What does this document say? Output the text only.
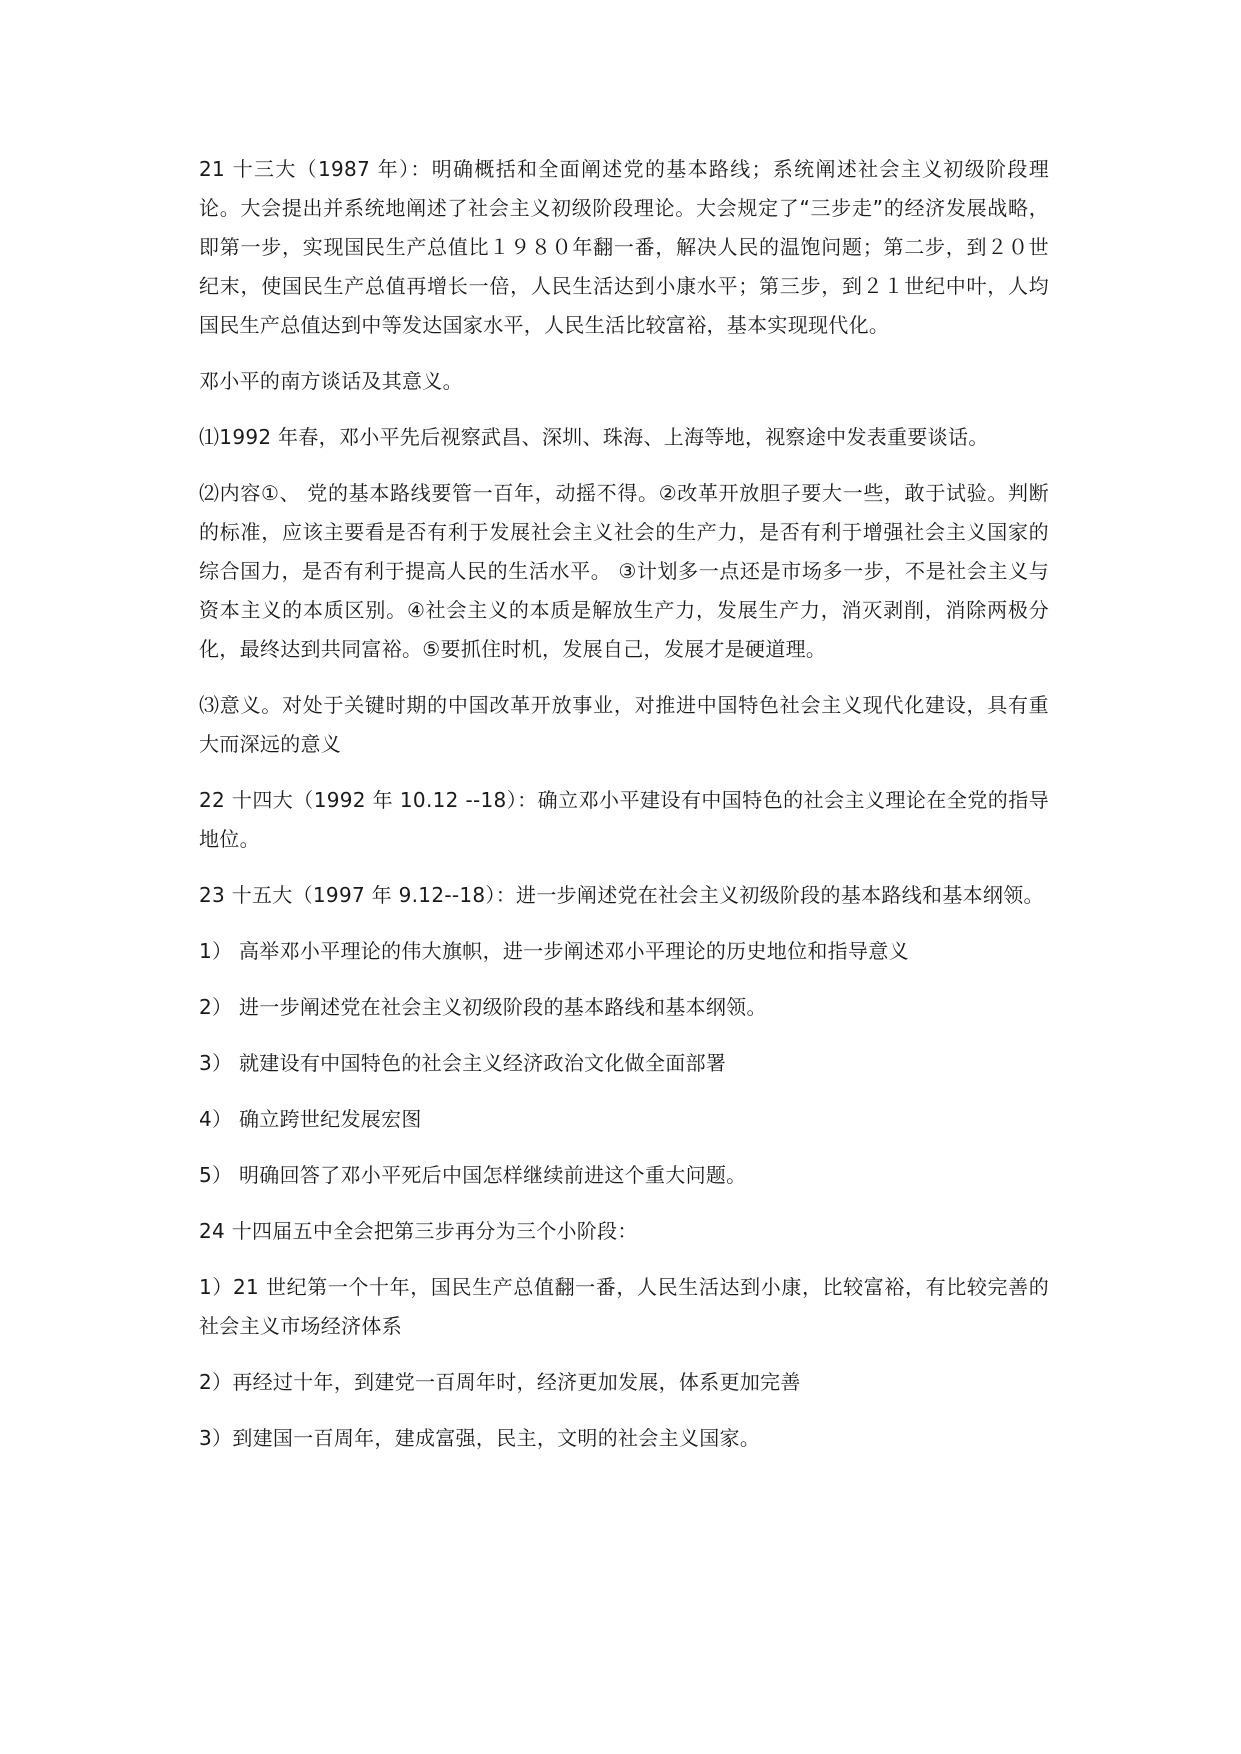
21 十三大（1987 年）：明确概括和全面阐述党的基本路线；系统阐述社会主义初级阶段理论。大会提出并系统地阐述了社会主义初级阶段理论。大会规定了“三步走”的经济发展战略，即第一步，实现国民生产总值比１９８０年翻一番，解决人民的温饱问题；第二步，到２０世纪末，使国民生产总值再增长一倍，人民生活达到小康水平；第三步，到２１世纪中叶，人均国民生产总值达到中等发达国家水平，人民生活比较富裕，基本实现现代化。

邓小平的南方谈话及其意义。

⑴1992 年春，邓小平先后视察武昌、深圳、珠海、上海等地，视察途中发表重要谈话。

⑵内容①、 党的基本路线要管一百年，动摇不得。②改革开放胆子要大一些，敢于试验。判断的标准，应该主要看是否有利于发展社会主义社会的生产力，是否有利于增强社会主义国家的综合国力，是否有利于提高人民的生活水平。 ③计划多一点还是市场多一步，不是社会主义与资本主义的本质区别。④社会主义的本质是解放生产力，发展生产力，消灭剥削，消除两极分化，最终达到共同富裕。⑤要抓住时机，发展自己，发展才是硬道理。

⑶意义。对处于关键时期的中国改革开放事业，对推进中国特色社会主义现代化建设，具有重大而深远的意义

22 十四大（1992 年 10.12 --18）：确立邓小平建设有中国特色的社会主义理论在全党的指导地位。

23 十五大（1997 年 9.12--18）：进一步阐述党在社会主义初级阶段的基本路线和基本纲领。

1） 高举邓小平理论的伟大旗帜，进一步阐述邓小平理论的历史地位和指导意义

2） 进一步阐述党在社会主义初级阶段的基本路线和基本纲领。

3） 就建设有中国特色的社会主义经济政治文化做全面部署

4） 确立跨世纪发展宏图

5） 明确回答了邓小平死后中国怎样继续前进这个重大问题。

24 十四届五中全会把第三步再分为三个小阶段：

1）21 世纪第一个十年，国民生产总值翻一番，人民生活达到小康，比较富裕，有比较完善的社会主义市场经济体系

2）再经过十年，到建党一百周年时，经济更加发展，体系更加完善

3）到建国一百周年，建成富强，民主，文明的社会主义国家。
